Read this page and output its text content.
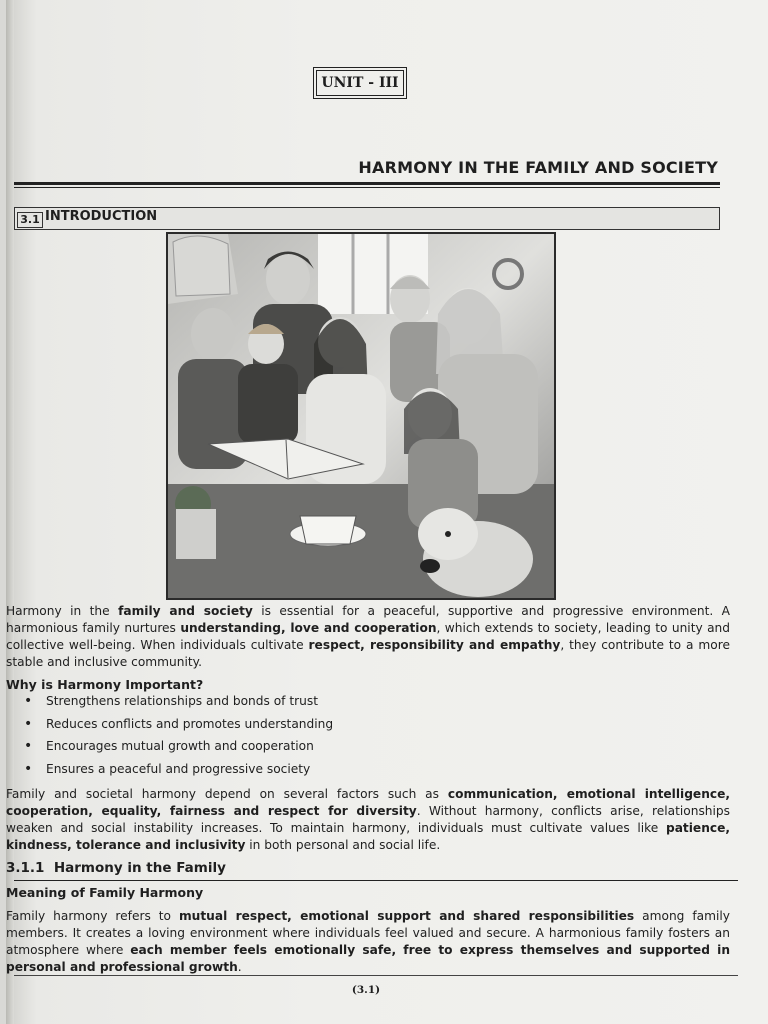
UNIT - III
HARMONY IN THE FAMILY AND SOCIETY
3.1 INTRODUCTION
Harmony in the family and society is essential for a peaceful, supportive and progressive environment. A harmonious family nurtures understanding, love and cooperation, which extends to society, leading to unity and collective well-being. When individuals cultivate respect, responsibility and empathy, they contribute to a more stable and inclusive community.
Why is Harmony Important?
• Strengthens relationships and bonds of trust
• Reduces conflicts and promotes understanding
• Encourages mutual growth and cooperation
• Ensures a peaceful and progressive society
Family and societal harmony depend on several factors such as communication, emotional intelligence, cooperation, equality, fairness and respect for diversity. Without harmony, conflicts arise, relationships weaken and social instability increases. To maintain harmony, individuals must cultivate values like patience, kindness, tolerance and inclusivity in both personal and social life.
3.1.1 Harmony in the Family
Meaning of Family Harmony
Family harmony refers to mutual respect, emotional support and shared responsibilities among family members. It creates a loving environment where individuals feel valued and secure. A harmonious family fosters an atmosphere where each member feels emotionally safe, free to express themselves and supported in personal and professional growth.
(3.1)
